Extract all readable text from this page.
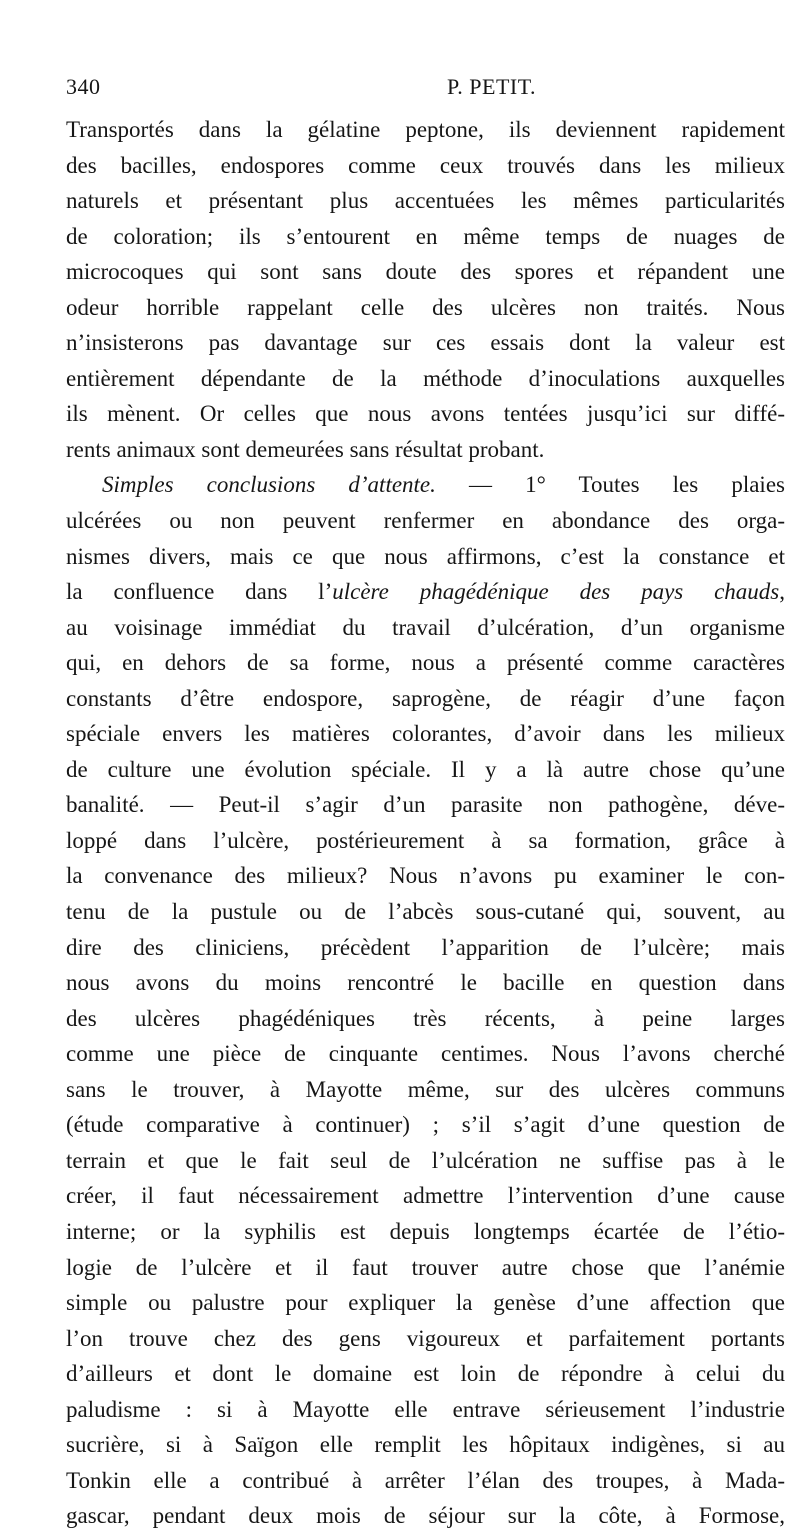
340	P. PETIT.
Transportés dans la gélatine peptone, ils deviennent rapidement
des bacilles, endospores comme ceux trouvés dans les milieux
naturels et présentant plus accentuées les mêmes particularités
de coloration; ils s’entourent en même temps de nuages de
microcoques qui sont sans doute des spores et répandent une
odeur horrible rappelant celle des ulcères non traités. Nous
n’insisterons pas davantage sur ces essais dont la valeur est
entièrement dépendante de la méthode d’inoculations auxquelles
ils mènent. Or celles que nous avons tentées jusqu’ici sur diffé-
rents animaux sont demeurées sans résultat probant.
Simples conclusions d’attente. — 1° Toutes les plaies
ulcérées ou non peuvent renfermer en abondance des orga-
nismes divers, mais ce que nous affirmons, c’est la constance et
la confluence dans l’ulcère phagédénique des pays chauds,
au voisinage immédiat du travail d’ulcération, d’un organisme
qui, en dehors de sa forme, nous a présenté comme caractères
constants d’être endospore, saprogène, de réagir d’une façon
spéciale envers les matières colorantes, d’avoir dans les milieux
de culture une évolution spéciale. Il y a là autre chose qu’une
banalité. — Peut-il s’agir d’un parasite non pathogène, déve-
loppé dans l’ulcère, postérieurement à sa formation, grâce à
la convenance des milieux? Nous n’avons pu examiner le con-
tenu de la pustule ou de l’abcès sous-cutané qui, souvent, au
dire des cliniciens, précèdent l’apparition de l’ulcère; mais
nous avons du moins rencontré le bacille en question dans
des ulcères phagédéniques très récents, à peine larges
comme une pièce de cinquante centimes. Nous l’avons cherché
sans le trouver, à Mayotte même, sur des ulcères communs
(étude comparative à continuer) ; s’il s’agit d’une question de
terrain et que le fait seul de l’ulcération ne suffise pas à le
créer, il faut nécessairement admettre l’intervention d’une cause
interne; or la syphilis est depuis longtemps écartée de l’étio-
logie de l’ulcère et il faut trouver autre chose que l’anémie
simple ou palustre pour expliquer la genèse d’une affection que
l’on trouve chez des gens vigoureux et parfaitement portants
d’ailleurs et dont le domaine est loin de répondre à celui du
paludisme : si à Mayotte elle entrave sérieusement l’industrie
sucrière, si à Saïgon elle remplit les hôpitaux indigènes, si au
Tonkin elle a contribué à arrêter l’élan des troupes, à Mada-
gascar, pendant deux mois de séjour sur la côte, à Formose,
